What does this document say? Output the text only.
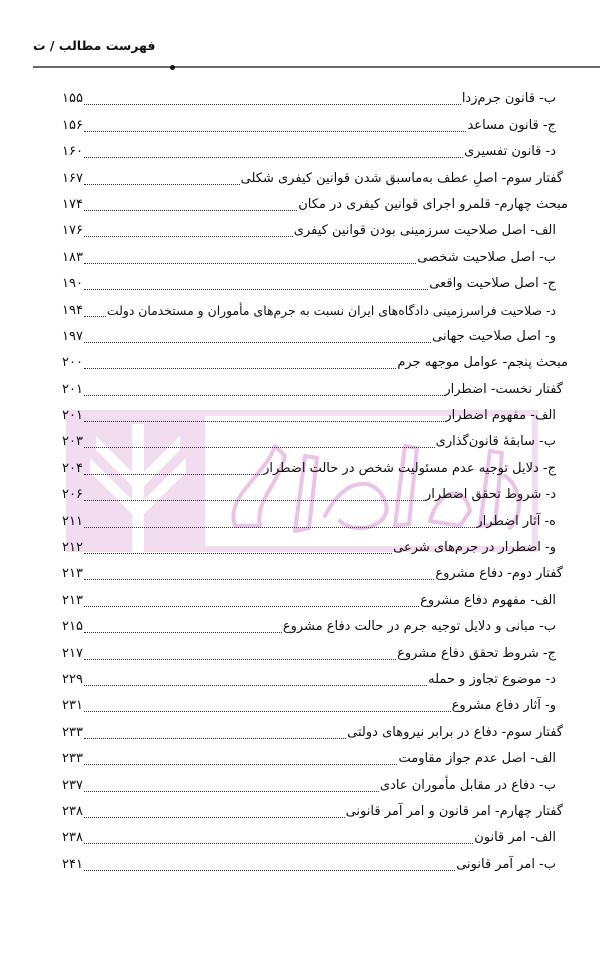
فهرست مطالب / ت
ب- قانون جرم‌زدا
۱۵۵
ج- قانون مساعد
۱۵۶
د- قانون تفسیری
۱۶۰
گفتار سوم- اصلِ عطف به‌ماسبق شدن قوانین کیفری شکلی
۱۶۷
مبحث چهارم- قلمرو اجرای قوانین کیفری در مکان
۱۷۴
الف- اصل صلاحیت سرزمینی بودن قوانین کیفری
۱۷۶
ب- اصل صلاحیت شخصی
۱۸۳
ج- اصل صلاحیت واقعی
۱۹۰
د- صلاحیت فراسرزمینی دادگاه‌های ایران نسبت به جرم‌های مأموران و مستخدمان دولت
۱۹۴
و- اصل صلاحیت جهانی
۱۹۷
مبحث پنجم- عوامل موجهه جرم
۲۰۰
گفتار نخست- اضطرار
۲۰۱
الف- مفهوم اضطرار
۲۰۱
ب- سابقهٔ قانون‌گذاری
۲۰۳
ج- دلایل توجیه عدم مسئولیت شخص در حالت اضطرار
۲۰۴
د- شروط تحقق اضطرار
۲۰۶
ه- آثار اضطرار
۲۱۱
و- اضطرار در جرم‌های شرعی
۲۱۲
گفتار دوم- دفاع مشروع
۲۱۳
الف- مفهوم دفاع مشروع
۲۱۳
ب- مبانی و دلایل توجیه جرم در حالت دفاع مشروع
۲۱۵
ج- شروط تحقق دفاع مشروع
۲۱۷
د- موضوع تجاوز و حمله
۲۲۹
و- آثار دفاع مشروع
۲۳۱
گفتار سوم- دفاع در برابر نیروهای دولتی
۲۳۳
الف- اصل عدم جواز مقاومت
۲۳۳
ب- دفاع در مقابل مأموران عادی
۲۳۷
گفتار چهارم- امر قانون و امر آمر قانونی
۲۳۸
الف- امر قانون
۲۳۸
ب- امر آمر قانونی
۲۴۱
